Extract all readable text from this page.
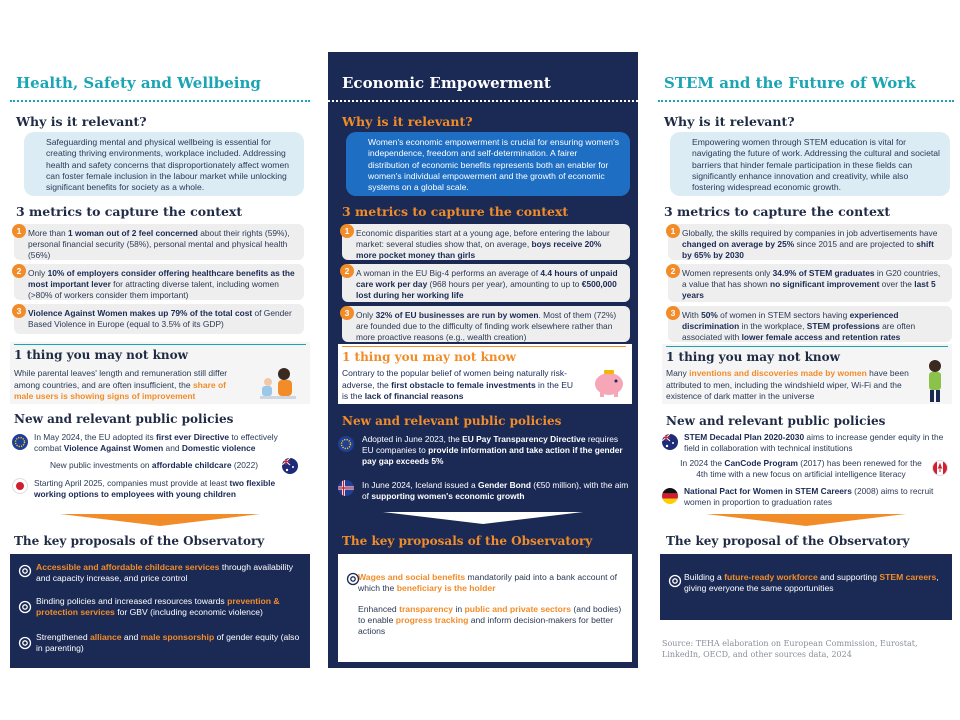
Health, Safety and Wellbeing
Why is it relevant?
Safeguarding mental and physical wellbeing is essential for creating thriving environments, workplace included. Addressing health and safety concerns that disproportionately affect women can foster female inclusion in the labour market while unlocking significant benefits for society as a whole.
3 metrics to capture the context
More than 1 woman out of 2 feel concerned about their rights (59%), personal financial security (58%), personal mental and physical health (56%)
1
Only 10% of employers consider offering healthcare benefits as the most important lever for attracting diverse talent, including women (>80% of workers consider them important)
2
Violence Against Women makes up 79% of the total cost of Gender Based Violence in Europe (equal to 3.5% of its GDP)
3
1 thing you may not know
While parental leaves' length and remuneration still differ among countries, and are often insufficient, the share of male users is showing signs of improvement
New and relevant public policies
In May 2024, the EU adopted its first ever Directive to effectively combat Violence Against Women and Domestic violence
New public investments on affordable childcare (2022)
Starting April 2025, companies must provide at least two flexible working options to employees with young children
The key proposals of the Observatory
Accessible and affordable childcare services through availability and capacity increase, and price control
Binding policies and increased resources towards prevention & protection services for GBV (including economic violence)
Strengthened alliance and male sponsorship of gender equity (also in parenting)
Economic Empowerment
Why is it relevant?
Women's economic empowerment is crucial for ensuring women's independence, freedom and self-determination. A fairer distribution of economic benefits represents both an enabler for women's individual empowerment and the growth of economic systems on a global scale.
3 metrics to capture the context
Economic disparities start at a young age, before entering the labour market: several studies show that, on average, boys receive 20% more pocket money than girls
1
A woman in the EU Big-4 performs an average of 4.4 hours of unpaid care work per day (968 hours per year), amounting to up to €500,000 lost during her working life
2
Only 32% of EU businesses are run by women. Most of them (72%) are founded due to the difficulty of finding work elsewhere rather than more proactive reasons (e.g., wealth creation)
3
1 thing you may not know
Contrary to the popular belief of women being naturally risk-adverse, the first obstacle to female investments in the EU is the lack of financial reasons
New and relevant public policies
Adopted in June 2023, the EU Pay Transparency Directive requires EU companies to provide information and take action if the gender pay gap exceeds 5%
In June 2024, Iceland issued a Gender Bond (€50 million), with the aim of supporting women's economic growth
The key proposals of the Observatory
Wages and social benefits mandatorily paid into a bank account of which the beneficiary is the holder
Enhanced transparency in public and private sectors (and bodies) to enable progress tracking and inform decision-makers for better actions
STEM and the Future of Work
Why is it relevant?
Empowering women through STEM education is vital for navigating the future of work. Addressing the cultural and societal barriers that hinder female participation in these fields can significantly enhance innovation and creativity, while also fostering widespread economic growth.
3 metrics to capture the context
Globally, the skills required by companies in job advertisements have changed on average by 25% since 2015 and are projected to shift by 65% by 2030
1
Women represents only 34.9% of STEM graduates in G20 countries, a value that has shown no significant improvement over the last 5 years
2
With 50% of women in STEM sectors having experienced discrimination in the workplace, STEM professions are often associated with lower female access and retention rates
3
1 thing you may not know
Many inventions and discoveries made by women have been attributed to men, including the windshield wiper, Wi-Fi and the existence of dark matter in the universe
New and relevant public policies
STEM Decadal Plan 2020-2030 aims to increase gender equity in the field in collaboration with technical institutions
In 2024 the CanCode Program (2017) has been renewed for the 4th time with a new focus on artificial intelligence literacy
National Pact for Women in STEM Careers (2008) aims to recruit women in proportion to graduation rates
The key proposal of the Observatory
Building a future-ready workforce and supporting STEM careers, giving everyone the same opportunities
Source: TEHA elaboration on European Commission, Eurostat, LinkedIn, OECD, and other sources data, 2024
